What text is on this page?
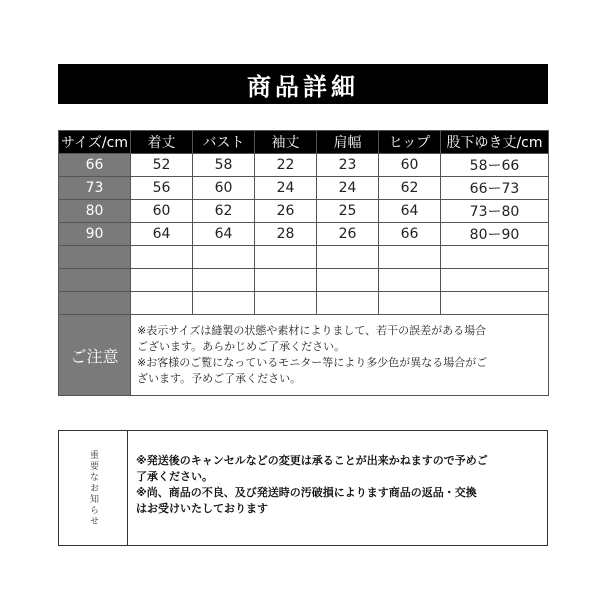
商品詳細
サイズ/cm	着丈	バスト	袖丈	肩幅	ヒップ	股下ゆき丈/cm
66	52	58	22	23	60	58ー66
73	56	60	24	24	62	66ー73
80	60	62	26	25	64	73ー80
90	64	64	28	26	66	80ー90

ご注意	※表示サイズは縫製の状態や素材によりまして、若干の誤差がある場合
ございます。あらかじめご了承ください。
※お客様のご覧になっているモニター等により多少色が異なる場合がご
ざいます。予めご了承ください。					
重要なお知らせ	※発送後のキャンセルなどの変更は承ることが出来かねますので予めご

了承ください。

※尚、商品の不良、及び発送時の汚破損によります商品の返品・交換

はお受けいたしております
